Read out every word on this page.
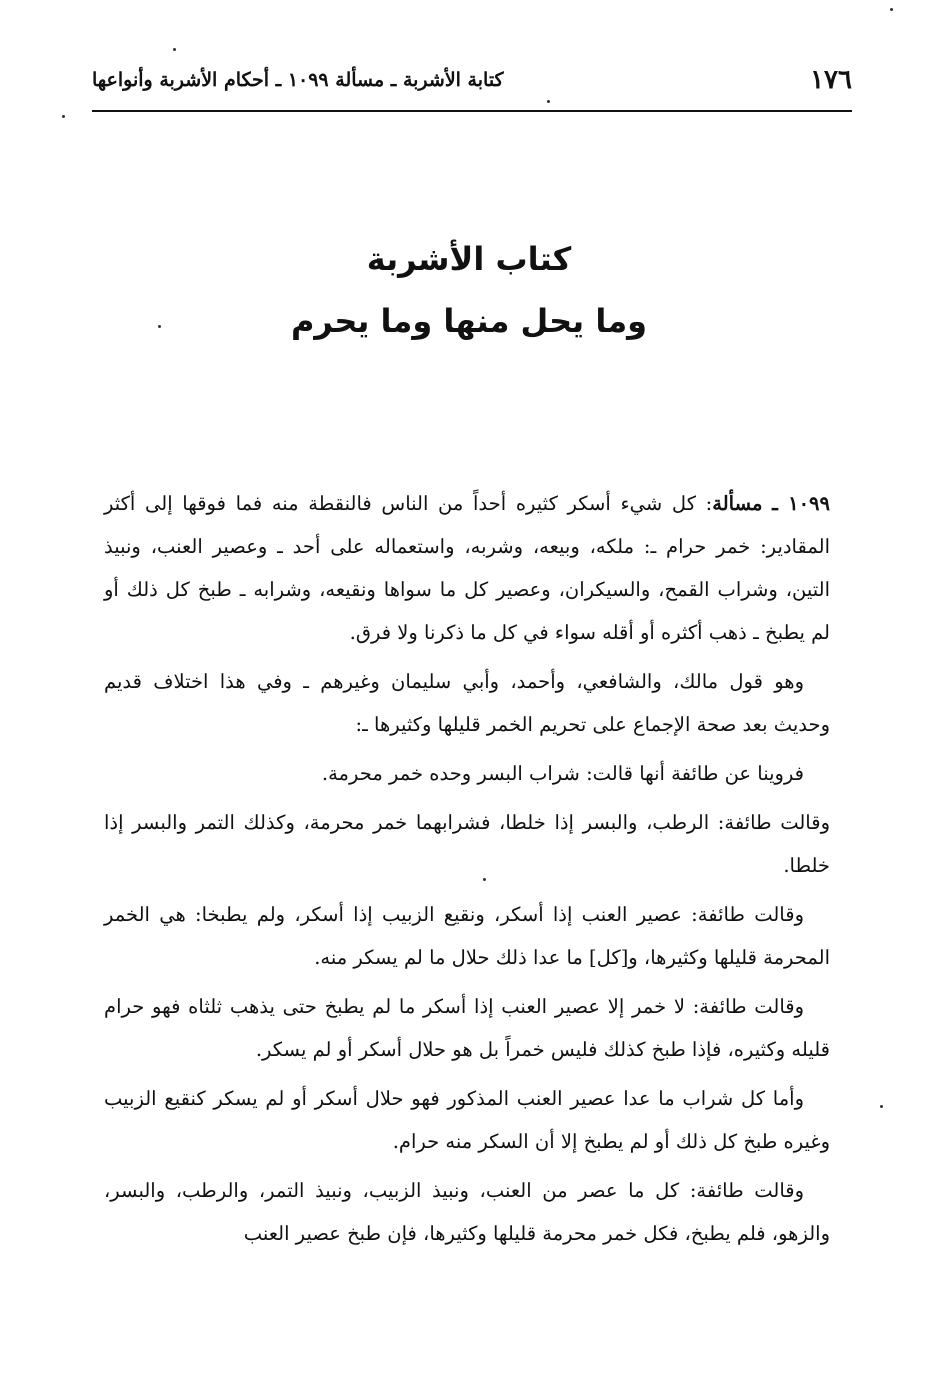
١٧٦
كتابة الأشربة ـ مسألة ١٠٩٩ ـ أحكام الأشربة وأنواعها

كتاب الأشربة

وما يحل منها وما يحرم

١٠٩٩ ـ مسألة: كل شيء أسكر كثيره أحداً من الناس فالنقطة منه فما فوقها إلى أكثر المقادير: خمر حرام ـ: ملكه، وبيعه، وشربه، واستعماله على أحد ـ وعصير العنب، ونبيذ التين، وشراب القمح، والسيكران، وعصير كل ما سواها ونقيعه، وشرابه ـ طبخ كل ذلك أو لم يطبخ ـ ذهب أكثره أو أقله سواء في كل ما ذكرنا ولا فرق.

وهو قول مالك، والشافعي، وأحمد، وأبي سليمان وغيرهم ـ وفي هذا اختلاف قديم وحديث بعد صحة الإجماع على تحريم الخمر قليلها وكثيرها ـ:

فروينا عن طائفة أنها قالت: شراب البسر وحده خمر محرمة.

وقالت طائفة: الرطب، والبسر إذا خلطا، فشرابهما خمر محرمة، وكذلك التمر والبسر إذا خلطا.

وقالت طائفة: عصير العنب إذا أسكر، ونقيع الزبيب إذا أسكر، ولم يطبخا: هي الخمر المحرمة قليلها وكثيرها، و[كل] ما عدا ذلك حلال ما لم يسكر منه.

وقالت طائفة: لا خمر إلا عصير العنب إذا أسكر ما لم يطبخ حتى يذهب ثلثاه فهو حرام قليله وكثيره، فإذا طبخ كذلك فليس خمراً بل هو حلال أسكر أو لم يسكر.

وأما كل شراب ما عدا عصير العنب المذكور فهو حلال أسكر أو لم يسكر كنقيع الزبيب وغيره طبخ كل ذلك أو لم يطبخ إلا أن السكر منه حرام.

وقالت طائفة: كل ما عصر من العنب، ونبيذ الزبيب، ونبيذ التمر، والرطب، والبسر، والزهو، فلم يطبخ، فكل خمر محرمة قليلها وكثيرها، فإن طبخ عصير العنب
